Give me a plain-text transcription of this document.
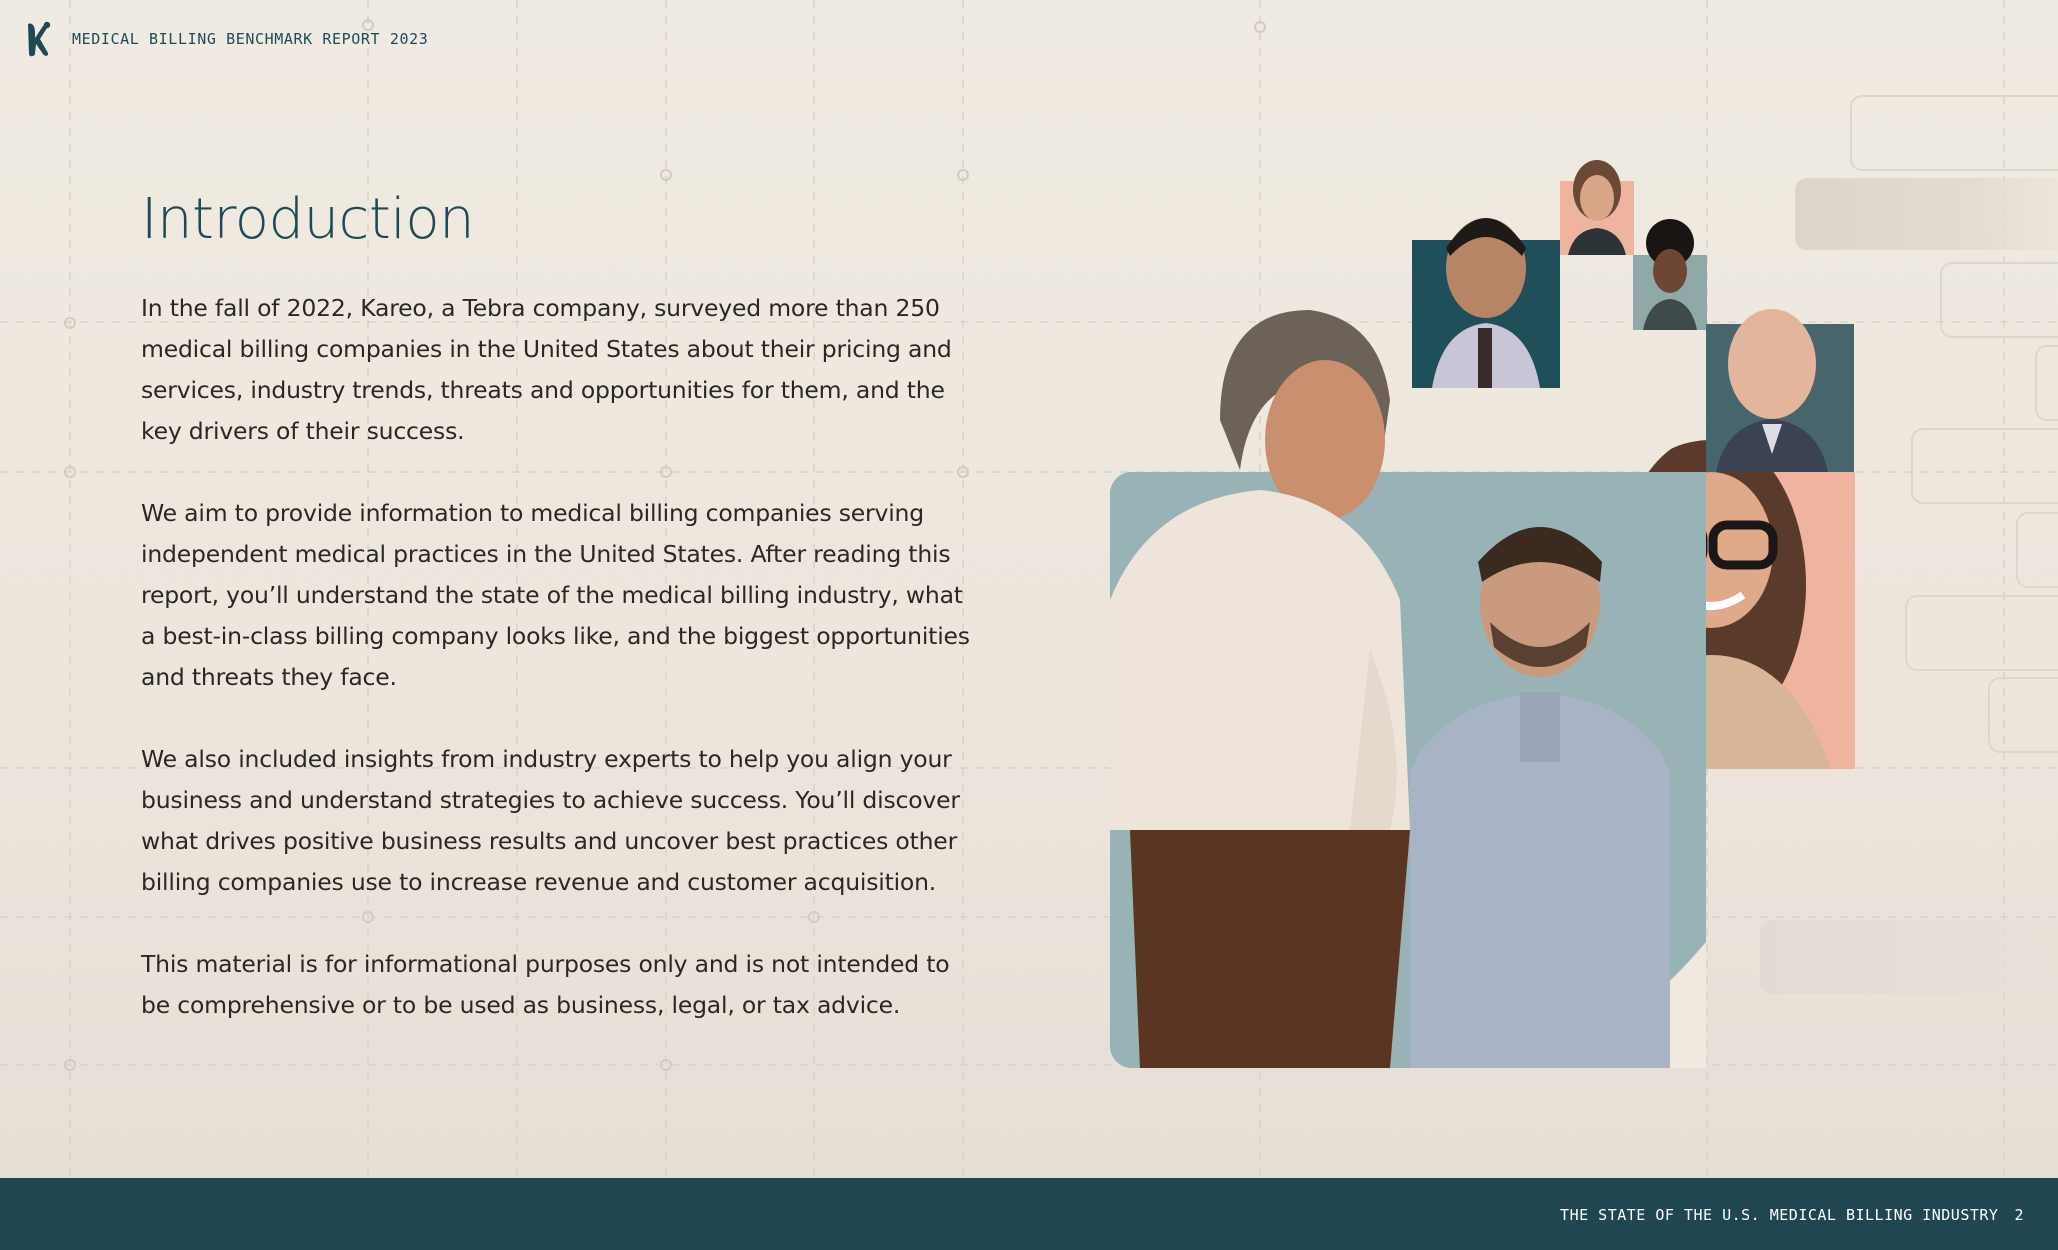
MEDICAL BILLING BENCHMARK REPORT 2023
Introduction

In the fall of 2022, Kareo, a Tebra company, surveyed more than 250 medical billing companies in the United States about their pricing and services, industry trends, threats and opportunities for them, and the key drivers of their success.

We aim to provide information to medical billing companies serving independent medical practices in the United States. After reading this report, you’ll understand the state of the medical billing industry, what a best-in-class billing company looks like, and the biggest opportunities and threats they face.

We also included insights from industry experts to help you align your business and understand strategies to achieve success. You’ll discover what drives positive business results and uncover best practices other billing companies use to increase revenue and customer acquisition.

This material is for informational purposes only and is not intended to be comprehensive or to be used as business, legal, or tax advice.

THE STATE OF THE U.S. MEDICAL BILLING INDUSTRY 2
